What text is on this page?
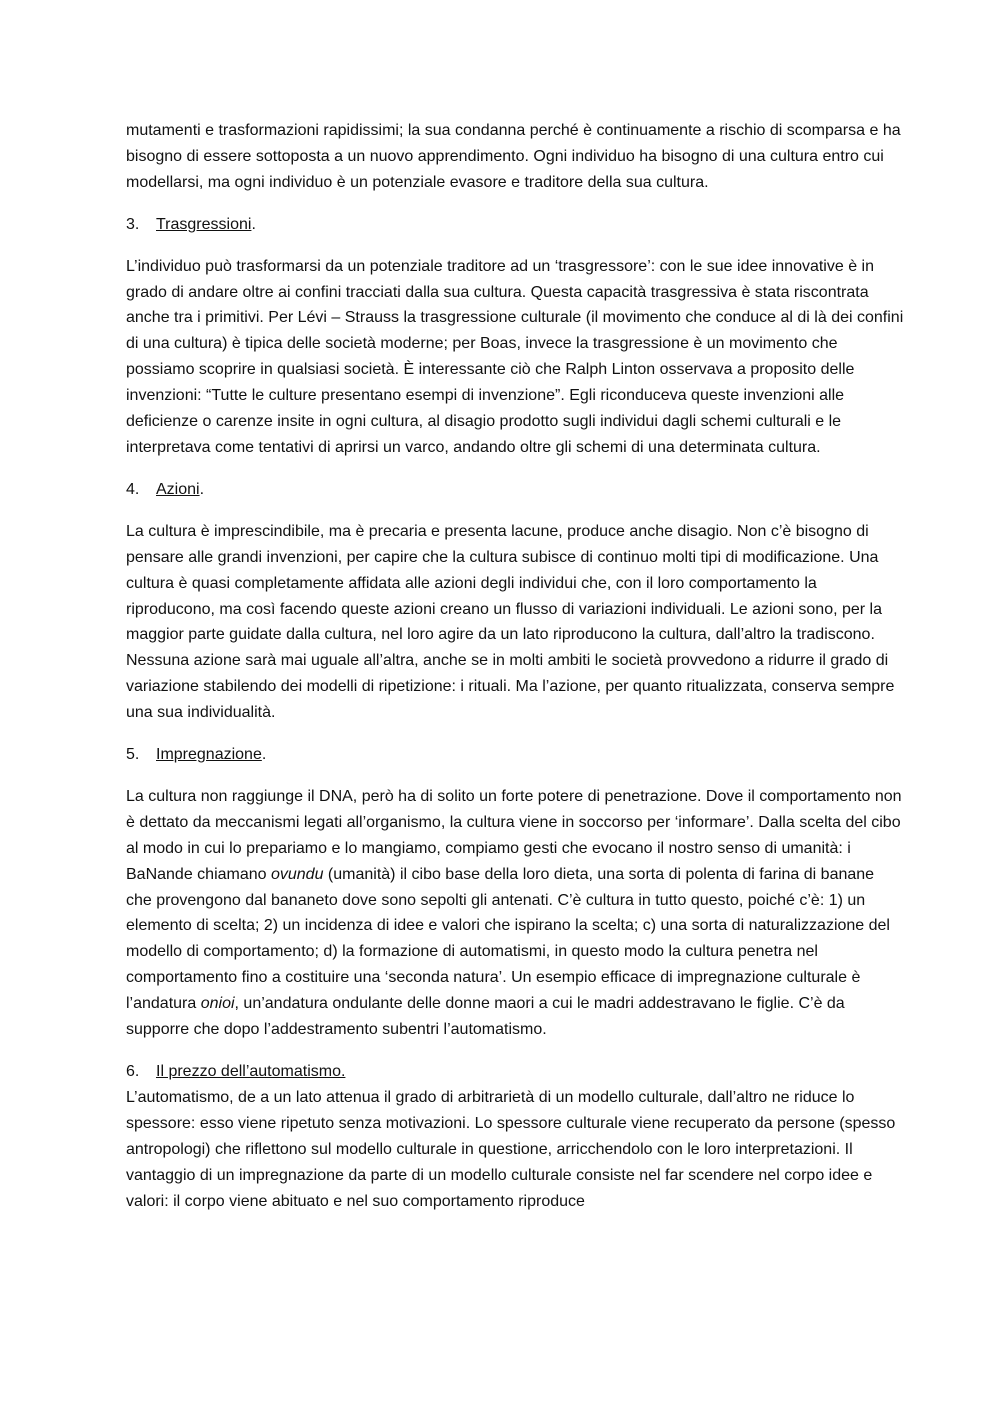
mutamenti e trasformazioni rapidissimi; la sua condanna perché è continuamente a rischio di scomparsa e ha bisogno di essere sottoposta a un nuovo apprendimento. Ogni individuo ha bisogno di una cultura entro cui modellarsi, ma ogni individuo è un potenziale evasore e traditore della sua cultura.

3.	Trasgressioni.

L’individuo può trasformarsi da un potenziale traditore ad un ‘trasgressore’: con le sue idee innovative è in grado di andare oltre ai confini tracciati dalla sua cultura. Questa capacità trasgressiva è stata riscontrata anche tra i primitivi. Per Lévi – Strauss la trasgressione culturale (il movimento che conduce al di là dei confini di una cultura) è tipica delle società moderne; per Boas, invece la trasgressione è un movimento che possiamo scoprire in qualsiasi società. È interessante ciò che Ralph Linton osservava a proposito delle invenzioni: “Tutte le culture presentano esempi di invenzione”. Egli riconduceva queste invenzioni alle deficienze o carenze insite in ogni cultura, al disagio prodotto sugli individui dagli schemi culturali e le interpretava come tentativi di aprirsi un varco, andando oltre gli schemi di una determinata cultura.

4.	Azioni.

La cultura è imprescindibile, ma è precaria e presenta lacune, produce anche disagio. Non c’è bisogno di pensare alle grandi invenzioni, per capire che la cultura subisce di continuo molti tipi di modificazione. Una cultura è quasi completamente affidata alle azioni degli individui che, con il loro comportamento la riproducono, ma così facendo queste azioni creano un flusso di variazioni individuali. Le azioni sono, per la maggior parte guidate dalla cultura, nel loro agire da un lato riproducono la cultura, dall’altro la tradiscono. Nessuna azione sarà mai uguale all’altra, anche se in molti ambiti le società provvedono a ridurre il grado di variazione stabilendo dei modelli di ripetizione: i rituali. Ma l’azione, per quanto ritualizzata, conserva sempre una sua individualità.

5.	Impregnazione.

La cultura non raggiunge il DNA, però ha di solito un forte potere di penetrazione. Dove il comportamento non è dettato da meccanismi legati all’organismo, la cultura viene in soccorso per ‘informare’. Dalla scelta del cibo al modo in cui lo prepariamo e lo mangiamo, compiamo gesti che evocano il nostro senso di umanità: i BaNande chiamano ovundu (umanità) il cibo base della loro dieta, una sorta di polenta di farina di banane che provengono dal bananeto dove sono sepolti gli antenati. C’è cultura in tutto questo, poiché c’è: 1) un elemento di scelta; 2) un incidenza di idee e valori che ispirano la scelta; c) una sorta di naturalizzazione del modello di comportamento; d) la formazione di automatismi, in questo modo la cultura penetra nel comportamento fino a costituire una ‘seconda natura’. Un esempio efficace di impregnazione culturale è l’andatura onioi, un’andatura ondulante delle donne maori a cui le madri addestravano le figlie. C’è da supporre che dopo l’addestramento subentri l’automatismo.

6.	Il prezzo dell’automatismo.

L’automatismo, de a un lato attenua il grado di arbitrarietà di un modello culturale, dall’altro ne riduce lo spessore: esso viene ripetuto senza motivazioni. Lo spessore culturale viene recuperato da persone (spesso antropologi) che riflettono sul modello culturale in questione, arricchendolo con le loro interpretazioni. Il vantaggio di un impregnazione da parte di un modello culturale consiste nel far scendere nel corpo idee e valori: il corpo viene abituato e nel suo comportamento riproduce
